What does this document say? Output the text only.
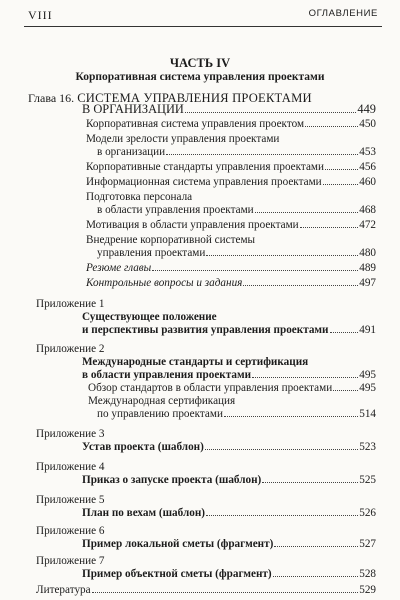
VIII	ОГЛАВЛЕНИЕ
ЧАСТЬ IV
Корпоративная система управления проектами
Глава 16. СИСТЕМА УПРАВЛЕНИЯ ПРОЕКТАМИ
В ОРГАНИЗАЦИИ	449
Корпоративная система управления проектом	450
Модели зрелости управления проектами
в организации	453
Корпоративные стандарты управления проектами	456
Информационная система управления проектами	460
Подготовка персонала
в области управления проектами	468
Мотивация в области управления проектами	472
Внедрение корпоративной системы
управления проектами	480
Резюме главы	489
Контрольные вопросы и задания	497
Приложение 1
Существующее положение
и перспективы развития управления проектами	491
Приложение 2
Международные стандарты и сертификация
в области управления проектами	495
Обзор стандартов в области управления проектами 495
Международная сертификация
по управлению проектами	514
Приложение 3
Устав проекта (шаблон)	523
Приложение 4
Приказ о запуске проекта (шаблон)	525
Приложение 5
План по вехам (шаблон)	526
Приложение 6
Пример локальной сметы (фрагмент)	527
Приложение 7
Пример объектной сметы (фрагмент)	528
Литература	529
